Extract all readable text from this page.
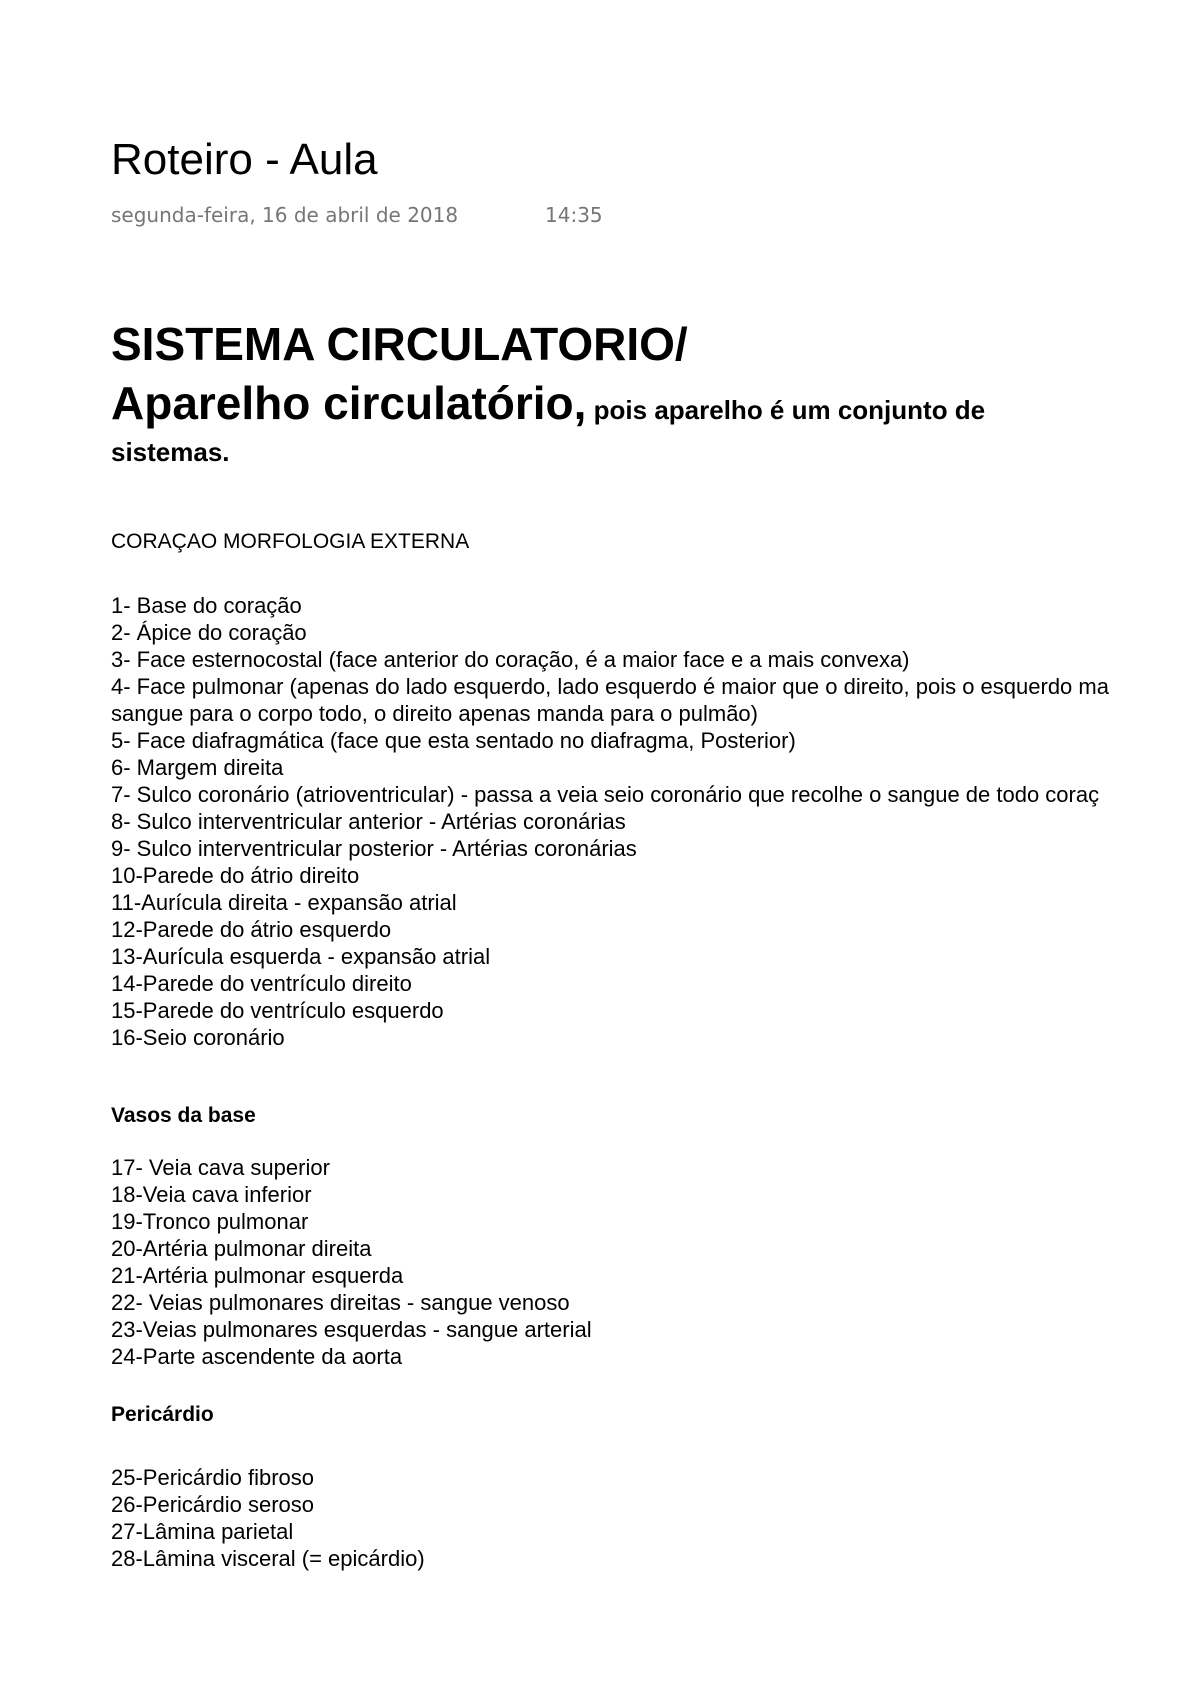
Roteiro - Aula
segunda-feira, 16 de abril de 2018	14:35
SISTEMA CIRCULATORIO/
Aparelho circulatório, pois aparelho é um conjunto de
sistemas.
CORAÇAO MORFOLOGIA EXTERNA
1- Base do coração
2- Ápice do coração
3- Face esternocostal (face anterior do coração, é a maior face e a mais convexa)
4- Face pulmonar (apenas do lado esquerdo, lado esquerdo é maior que o direito, pois o esquerdo ma
sangue para o corpo todo, o direito apenas manda para o pulmão)
5- Face diafragmática (face que esta sentado no diafragma, Posterior)
6- Margem direita
7- Sulco coronário (atrioventricular) - passa a veia seio coronário que recolhe o sangue de todo coraç
8- Sulco interventricular anterior - Artérias coronárias
9- Sulco interventricular posterior - Artérias coronárias
10-Parede do átrio direito
11-Aurícula direita - expansão atrial
12-Parede do átrio esquerdo
13-Aurícula esquerda - expansão atrial
14-Parede do ventrículo direito
15-Parede do ventrículo esquerdo
16-Seio coronário
Vasos da base
17- Veia cava superior
18-Veia cava inferior
19-Tronco pulmonar
20-Artéria pulmonar direita
21-Artéria pulmonar esquerda
22- Veias pulmonares direitas - sangue venoso
23-Veias pulmonares esquerdas - sangue arterial
24-Parte ascendente da aorta
Pericárdio
25-Pericárdio fibroso
26-Pericárdio seroso
27-Lâmina parietal
28-Lâmina visceral (= epicárdio)
